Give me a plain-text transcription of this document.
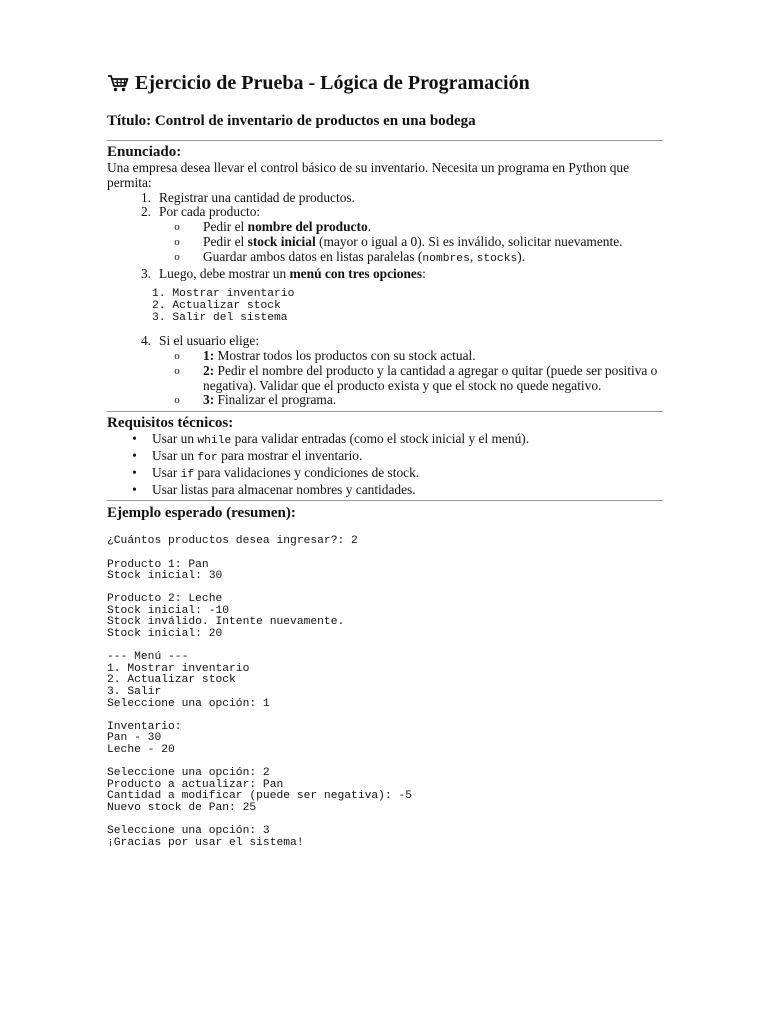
Ejercicio de Prueba - Lógica de Programación
Título: Control de inventario de productos en una bodega
Enunciado:

Una empresa desea llevar el control básico de su inventario. Necesita un programa en Python que permita:

1. Registrar una cantidad de productos.
2. Por cada producto:
o	Pedir el nombre del producto.
o	Pedir el stock inicial (mayor o igual a 0). Si es inválido, solicitar nuevamente.
o	Guardar ambos datos en listas paralelas (nombres, stocks).
3. Luego, debe mostrar un menú con tres opciones:
1. Mostrar inventario
2. Actualizar stock
3. Salir del sistema
4. Si el usuario elige:
o	1: Mostrar todos los productos con su stock actual.
o	2: Pedir el nombre del producto y la cantidad a agregar o quitar (puede ser positiva o negativa). Validar que el producto exista y que el stock no quede negativo.
o	3: Finalizar el programa.
Requisitos técnicos:
•	Usar un while para validar entradas (como el stock inicial y el menú).
•	Usar un for para mostrar el inventario.
•	Usar if para validaciones y condiciones de stock.
•	Usar listas para almacenar nombres y cantidades.
Ejemplo esperado (resumen):
¿Cuántos productos desea ingresar?: 2
Producto 1: Pan
Stock inicial: 30
Producto 2: Leche
Stock inicial: -10
Stock inválido. Intente nuevamente.
Stock inicial: 20
--- Menú ---
1. Mostrar inventario
2. Actualizar stock
3. Salir
Seleccione una opción: 1
Inventario:
Pan - 30
Leche - 20
Seleccione una opción: 2
Producto a actualizar: Pan
Cantidad a modificar (puede ser negativa): -5
Nuevo stock de Pan: 25
Seleccione una opción: 3
¡Gracias por usar el sistema!
